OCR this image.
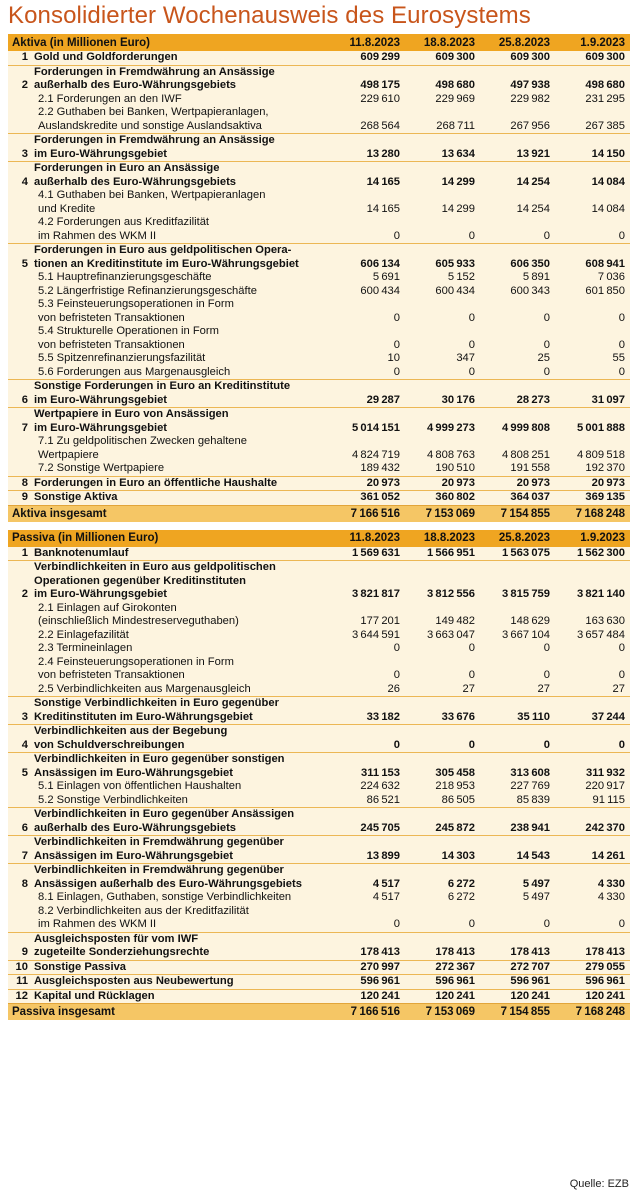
Konsolidierter Wochenausweis des Eurosystems
Aktiva (in Millionen Euro)	11.8.2023	18.8.2023	25.8.2023	1.9.2023
1 Gold und Goldforderungen	609 299	609 300	609 300	609 300
2
Forderungen in Fremdwährung an Ansässige
außerhalb des Euro-Währungsgebiets	498 175	498 680	497 938	498 680
2.1 Forderungen an den IWF	229 610	229 969	229 982	231 295
2.2 Guthaben bei Banken, Wertpapieranlagen,
Auslandskredite und sonstige Auslandsaktiva	268 564	268 711	267 956	267 385
3
Forderungen in Fremdwährung an Ansässige
im Euro-Währungsgebiet	13 280	13 634	13 921	14 150
4
Forderungen in Euro an Ansässige
außerhalb des Euro-Währungsgebiets	14 165	14 299	14 254	14 084
4.1 Guthaben bei Banken, Wertpapieranlagen
und Kredite	14 165	14 299	14 254	14 084
4.2 Forderungen aus Kreditfazilität
im Rahmen des WKM II	0	0	0	0
5
Forderungen in Euro aus geldpolitischen Opera-
tionen an Kreditinstitute im Euro-Währungsgebiet	606 134	605 933	606 350	608 941
5.1 Hauptrefinanzierungsgeschäfte	5 691	5 152	5 891	7 036
5.2 Längerfristige Refinanzierungsgeschäfte	600 434	600 434	600 343	601 850
5.3 Feinsteuerungsoperationen in Form
von befristeten Transaktionen	0	0	0	0
5.4 Strukturelle Operationen in Form
von befristeten Transaktionen	0	0	0	0
5.5 Spitzenrefinanzierungsfazilität	10	347	25	55
5.6 Forderungen aus Margenausgleich	0	0	0	0
6
Sonstige Forderungen in Euro an Kreditinstitute
im Euro-Währungsgebiet	29 287	30 176	28 273	31 097
7
Wertpapiere in Euro von Ansässigen
im Euro-Währungsgebiet	5 014 151	4 999 273	4 999 808	5 001 888
7.1 Zu geldpolitischen Zwecken gehaltene
Wertpapiere	4 824 719	4 808 763	4 808 251	4 809 518
7.2 Sonstige Wertpapiere	189 432	190 510	191 558	192 370
8 Forderungen in Euro an öffentliche Haushalte	20 973	20 973	20 973	20 973
9 Sonstige Aktiva	361 052	360 802	364 037	369 135
Aktiva insgesamt	7 166 516	7 153 069	7 154 855	7 168 248
Passiva (in Millionen Euro)	11.8.2023	18.8.2023	25.8.2023	1.9.2023
1 Banknotenumlauf	1 569 631	1 566 951	1 563 075	1 562 300
2
Verbindlichkeiten in Euro aus geldpolitischen
Operationen gegenüber Kreditinstituten
im Euro-Währungsgebiet	3 821 817	3 812 556	3 815 759	3 821 140
2.1 Einlagen auf Girokonten
(einschließlich Mindestreserveguthaben)	177 201	149 482	148 629	163 630
2.2 Einlagefazilität	3 644 591	3 663 047	3 667 104	3 657 484
2.3 Termineinlagen	0	0	0	0
2.4 Feinsteuerungsoperationen in Form
von befristeten Transaktionen	0	0	0	0
2.5 Verbindlichkeiten aus Margenausgleich	26	27	27	27
3
Sonstige Verbindlichkeiten in Euro gegenüber
Kreditinstituten im Euro-Währungsgebiet	33 182	33 676	35 110	37 244
4
Verbindlichkeiten aus der Begebung
von Schuldverschreibungen	0	0	0	0
5
Verbindlichkeiten in Euro gegenüber sonstigen
Ansässigen im Euro-Währungsgebiet	311 153	305 458	313 608	311 932
5.1 Einlagen von öffentlichen Haushalten	224 632	218 953	227 769	220 917
5.2 Sonstige Verbindlichkeiten	86 521	86 505	85 839	91 115
6
Verbindlichkeiten in Euro gegenüber Ansässigen
außerhalb des Euro-Währungsgebiets	245 705	245 872	238 941	242 370
7
Verbindlichkeiten in Fremdwährung gegenüber
Ansässigen im Euro-Währungsgebiet	13 899	14 303	14 543	14 261
8
Verbindlichkeiten in Fremdwährung gegenüber
Ansässigen außerhalb des Euro-Währungsgebiets	4 517	6 272	5 497	4 330
8.1 Einlagen, Guthaben, sonstige Verbindlichkeiten	4 517	6 272	5 497	4 330
8.2 Verbindlichkeiten aus der Kreditfazilität
im Rahmen des WKM II	0	0	0	0
9
Ausgleichsposten für vom IWF
zugeteilte Sonderziehungsrechte	178 413	178 413	178 413	178 413
10 Sonstige Passiva	270 997	272 367	272 707	279 055
11 Ausgleichsposten aus Neubewertung	596 961	596 961	596 961	596 961
12 Kapital und Rücklagen	120 241	120 241	120 241	120 241
Passiva insgesamt	7 166 516	7 153 069	7 154 855	7 168 248
Quelle: EZB
